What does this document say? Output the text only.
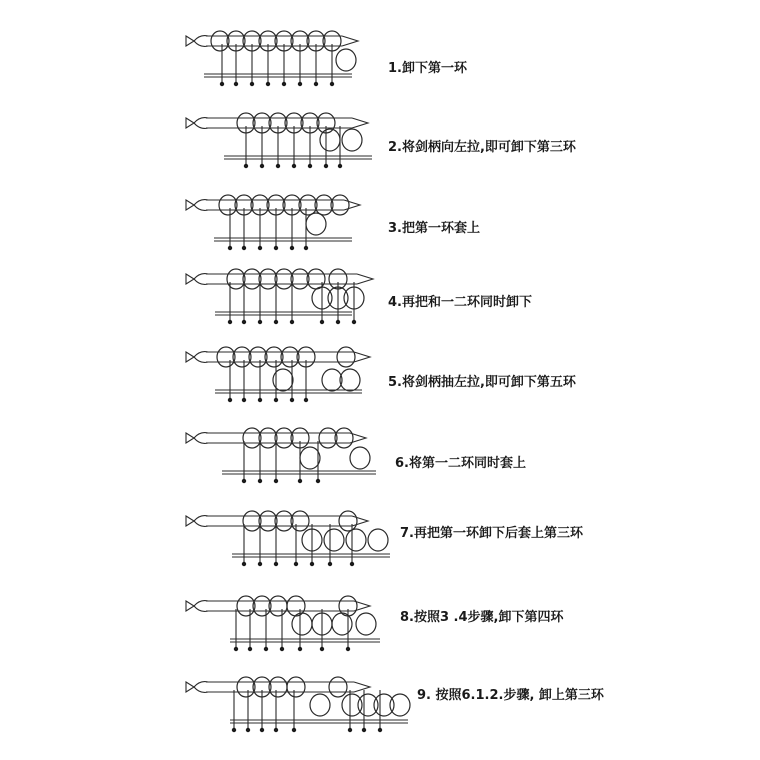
1.卸下第一环
2.将剑柄向左拉,即可卸下第三环
3.把第一环套上
4.再把和一二环同时卸下
5.将剑柄抽左拉,即可卸下第五环
6.将第一二环同时套上
7.再把第一环卸下后套上第三环
8.按照3 .4步骤,卸下第四环
9. 按照6.1.2.步骤, 卸上第三环
